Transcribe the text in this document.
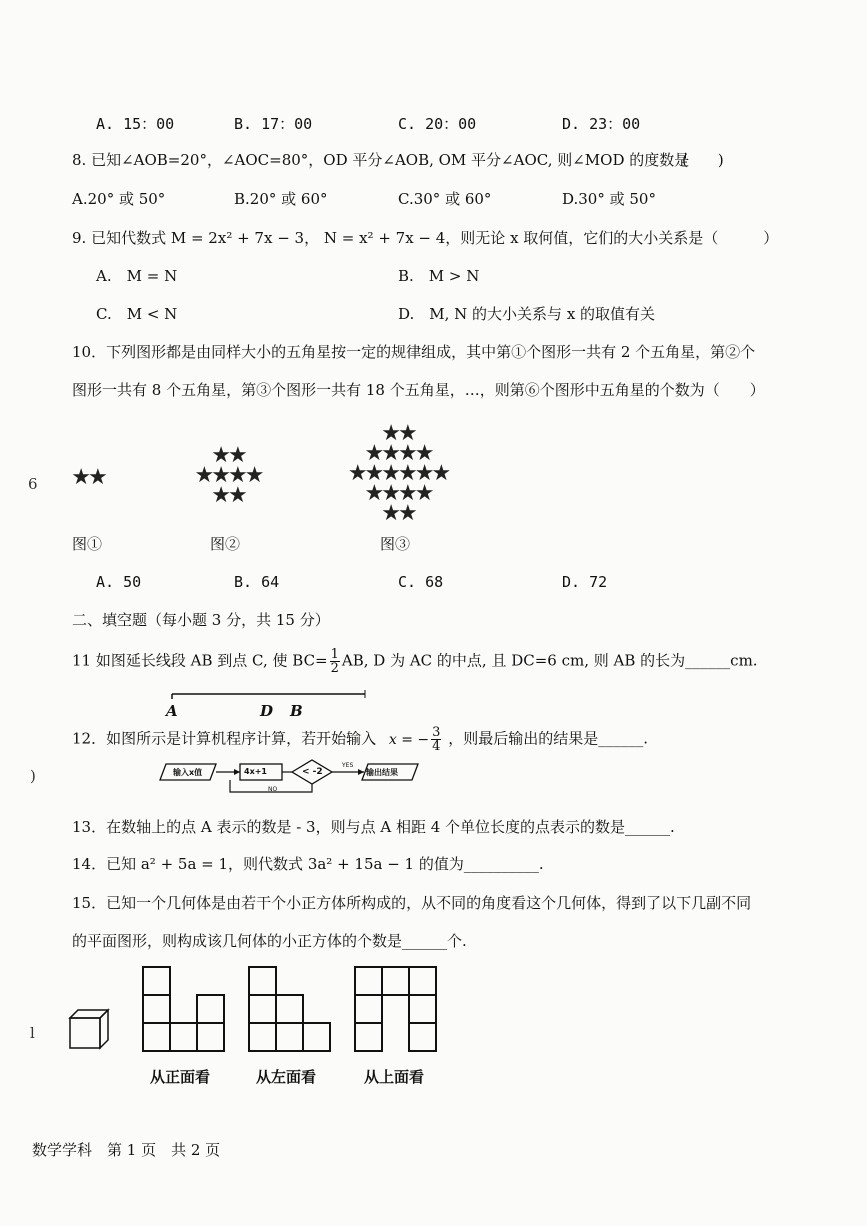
A. 15：00	B. 17：00	C. 20：00	D. 23：00
8. 已知∠AOB=20°，∠AOC=80°，OD 平分∠AOB, OM 平分∠AOC, 则∠MOD 的度数是
(　　)
A.20° 或 50°	B.20° 或 60°	C.30° 或 60°	D.30° 或 50°
9. 已知代数式 M = 2x² + 7x − 3， N = x² + 7x − 4，则无论 x 取何值，它们的大小关系是（　　　）
A.　M = N	B.　M > N
C.　M < N	D.　M, N 的大小关系与 x 的取值有关
10．下列图形都是由同样大小的五角星按一定的规律组成，其中第①个图形一共有 2 个五角星，第②个
图形一共有 8 个五角星，第③个图形一共有 18 个五角星，…，则第⑥个图形中五角星的个数为（　　）
6 ★★
★★
★★★★
★★
★★
★★★★
★★★★★★
★★★★
★★
图①	图②	图③
A. 50	B. 64	C. 68	D. 72
二、填空题（每小题 3 分，共 15 分）
11 如图延长线段 AB 到点 C, 使 $BC= \frac{1}{2}$ AB, D 为 AC 的中点, 且 DC=6 cm, 则 AB 的长为______cm.
A	D B
12．如图所示是计算机程序计算，若开始输入 x = − $\frac{3}{4}$ ，则最后输出的结果是______.
)	输入x值	4x+1	< -2
YES
NO
输出结果
13．在数轴上的点 A 表示的数是 - 3，则与点 A 相距 4 个单位长度的点表示的数是______.
14．已知 a² + 5a = 1，则代数式 3a² + 15a − 1 的值为__________.
15．已知一个几何体是由若干个小正方体所构成的，从不同的角度看这个几何体，得到了以下几副不同
的平面图形，则构成该几何体的小正方体的个数是______个.
l
从正面看	从左面看	从上面看
数学学科　第 1 页　共 2 页
